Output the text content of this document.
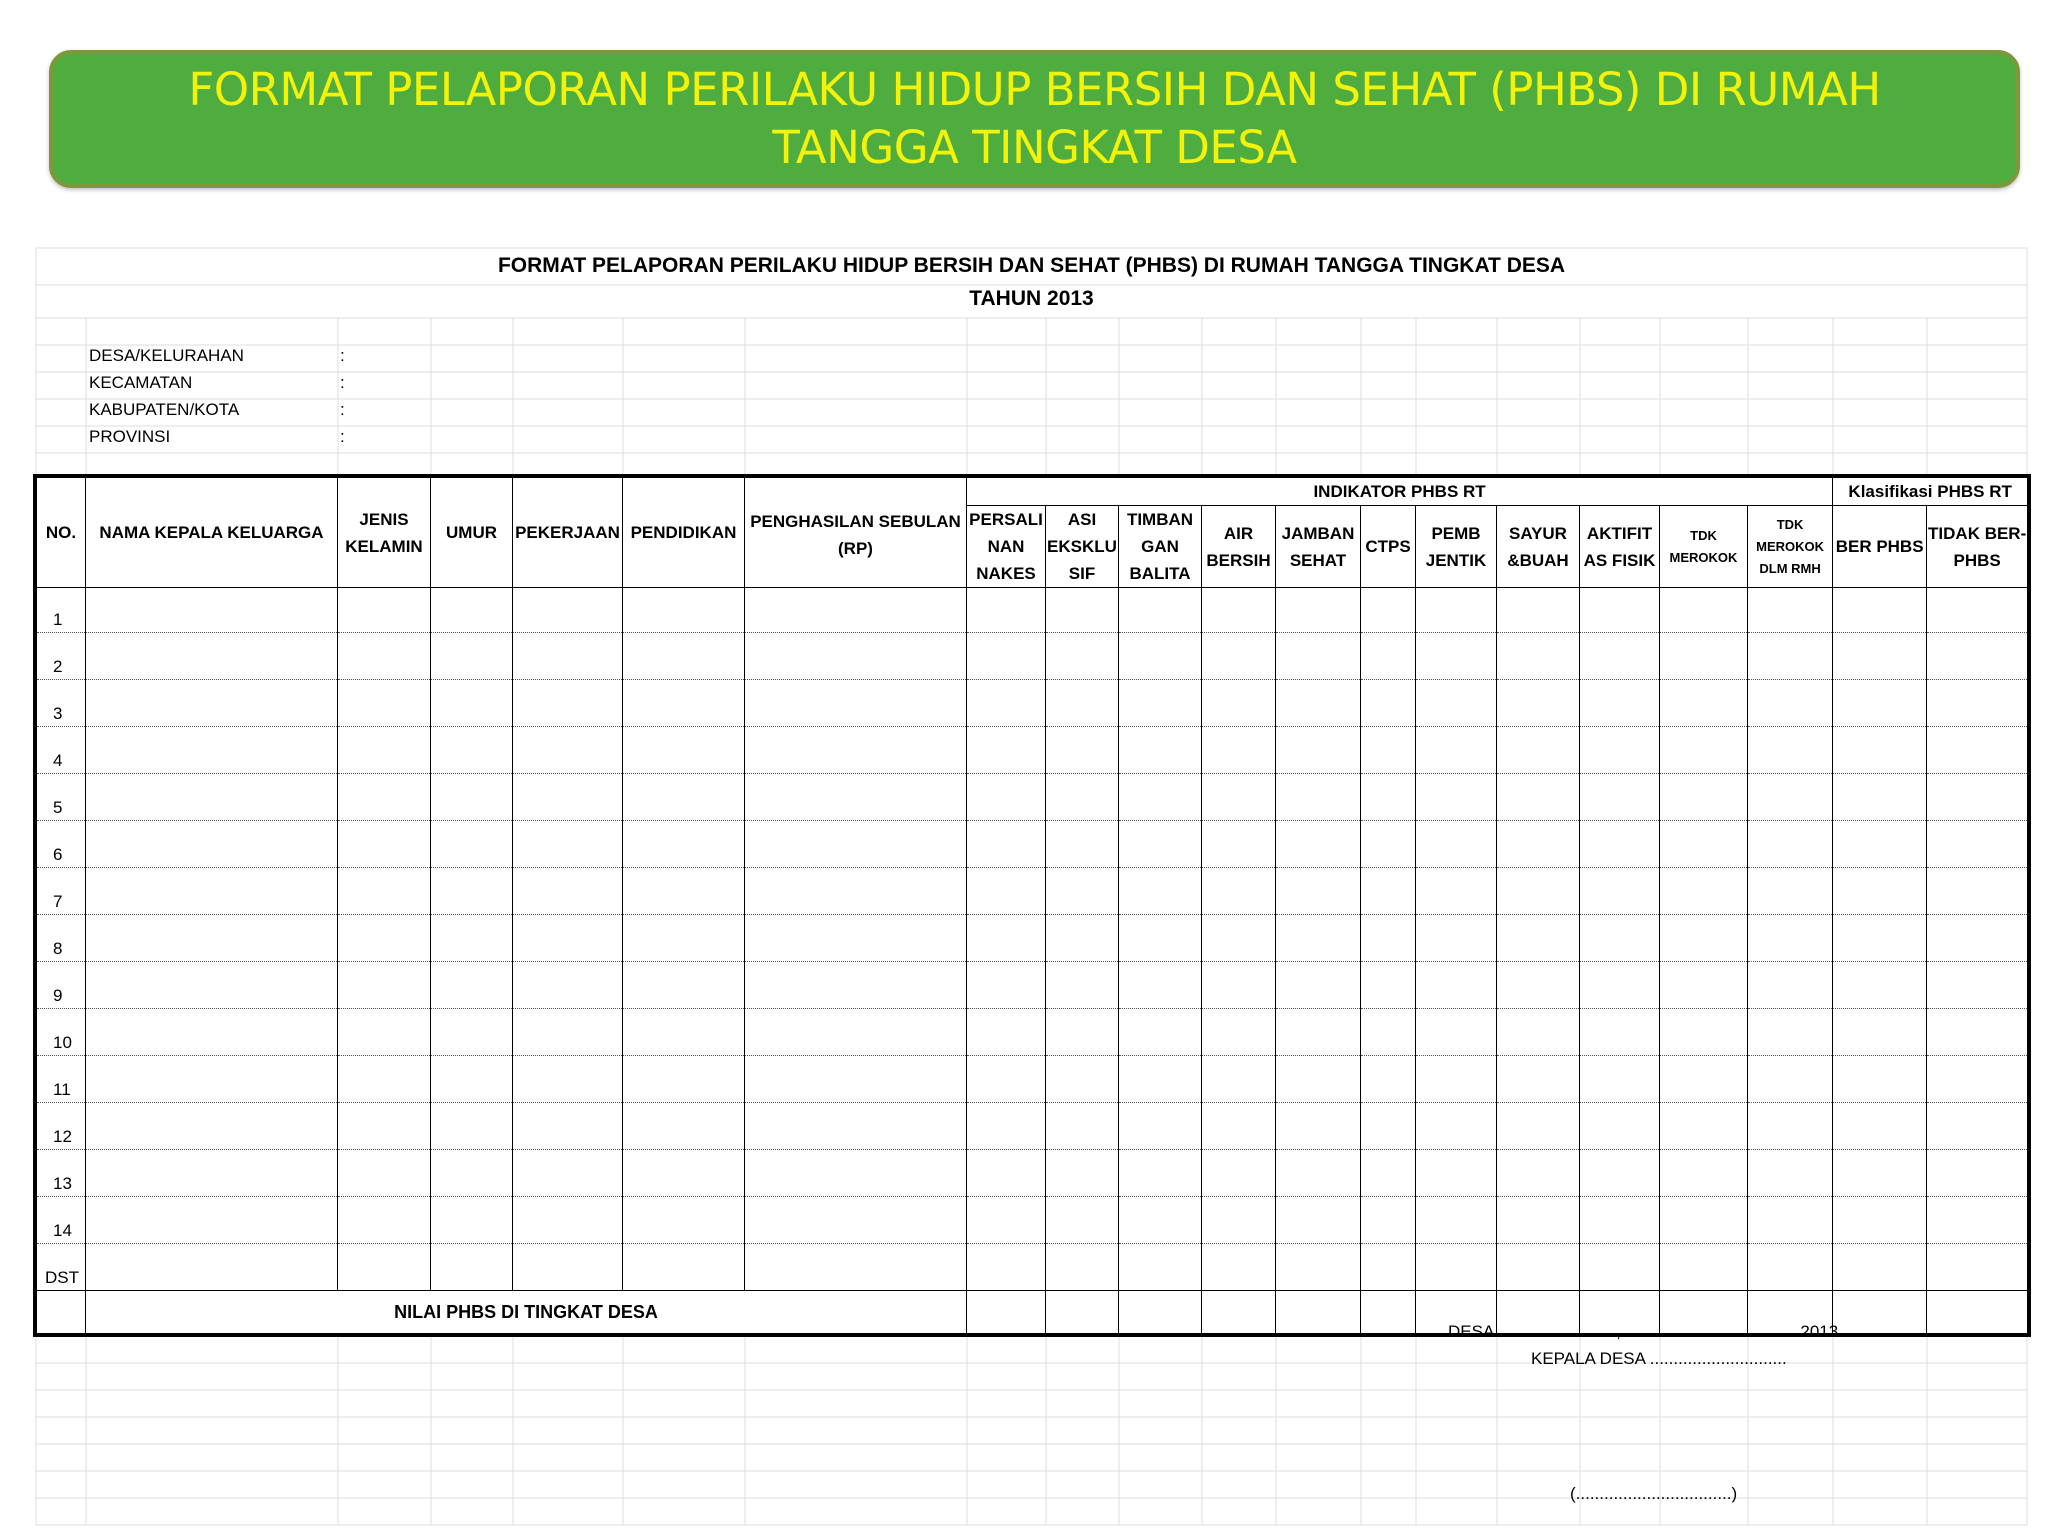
FORMAT PELAPORAN PERILAKU HIDUP BERSIH DAN SEHAT (PHBS) DI RUMAH TANGGA TINGKAT DESA
FORMAT PELAPORAN PERILAKU HIDUP BERSIH DAN SEHAT (PHBS) DI RUMAH TANGGA TINGKAT DESA
TAHUN 2013
DESA/KELURAHAN	:
KECAMATAN	:
KABUPATEN/KOTA	:
PROVINSI	:
NO.	NAMA KEPALA KELUARGA	JENIS KELAMIN	UMUR	PEKERJAAN	PENDIDIKAN	PENGHASILAN SEBULAN (RP)	INDIKATOR PHBS RT											Klasifikasi PHBS RT	
							PERSALI NAN NAKES	ASI EKSKLU SIF	TIMBAN GAN BALITA	AIR BERSIH	JAMBAN SEHAT	CTPS	PEMB JENTIK	SAYUR &BUAH	AKTIFIT AS FISIK	TDK MEROKOK	TDK MEROKOK DLM RMH	BER PHBS	TIDAK BER-PHBS
1																			
2																			
3																			
4																			
5																			
6																			
7																			
8																			
9																			
10																			
11																			
12																			
13																			
14																			
DST																			
	NILAI PHBS DI TINGKAT DESA																		
DESA ........................., .....................................2013
KEPALA DESA .............................
(.................................)
